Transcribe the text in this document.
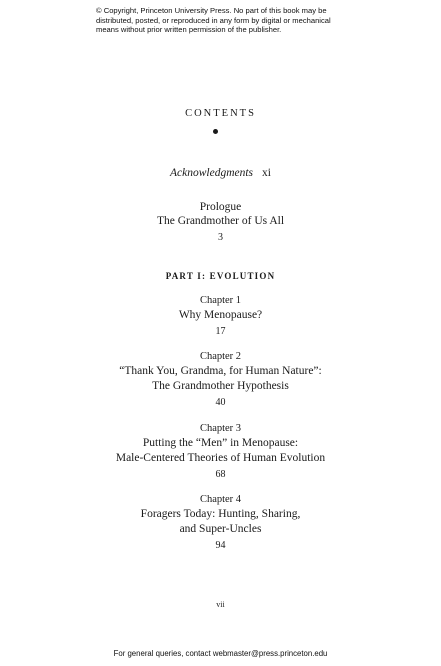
© Copyright, Princeton University Press. No part of this book may be
distributed, posted, or reproduced in any form by digital or mechanical
means without prior written permission of the publisher.
CONTENTS
Acknowledgments xi
Prologue
The Grandmother of Us All
3
PART I: EVOLUTION
Chapter 1
Why Menopause?
17
Chapter 2
“Thank You, Grandma, for Human Nature”:
The Grandmother Hypothesis
40
Chapter 3
Putting the “Men” in Menopause:
Male-Centered Theories of Human Evolution
68
Chapter 4
Foragers Today: Hunting, Sharing,
and Super-Uncles
94
vii
For general queries, contact webmaster@press.princeton.edu
